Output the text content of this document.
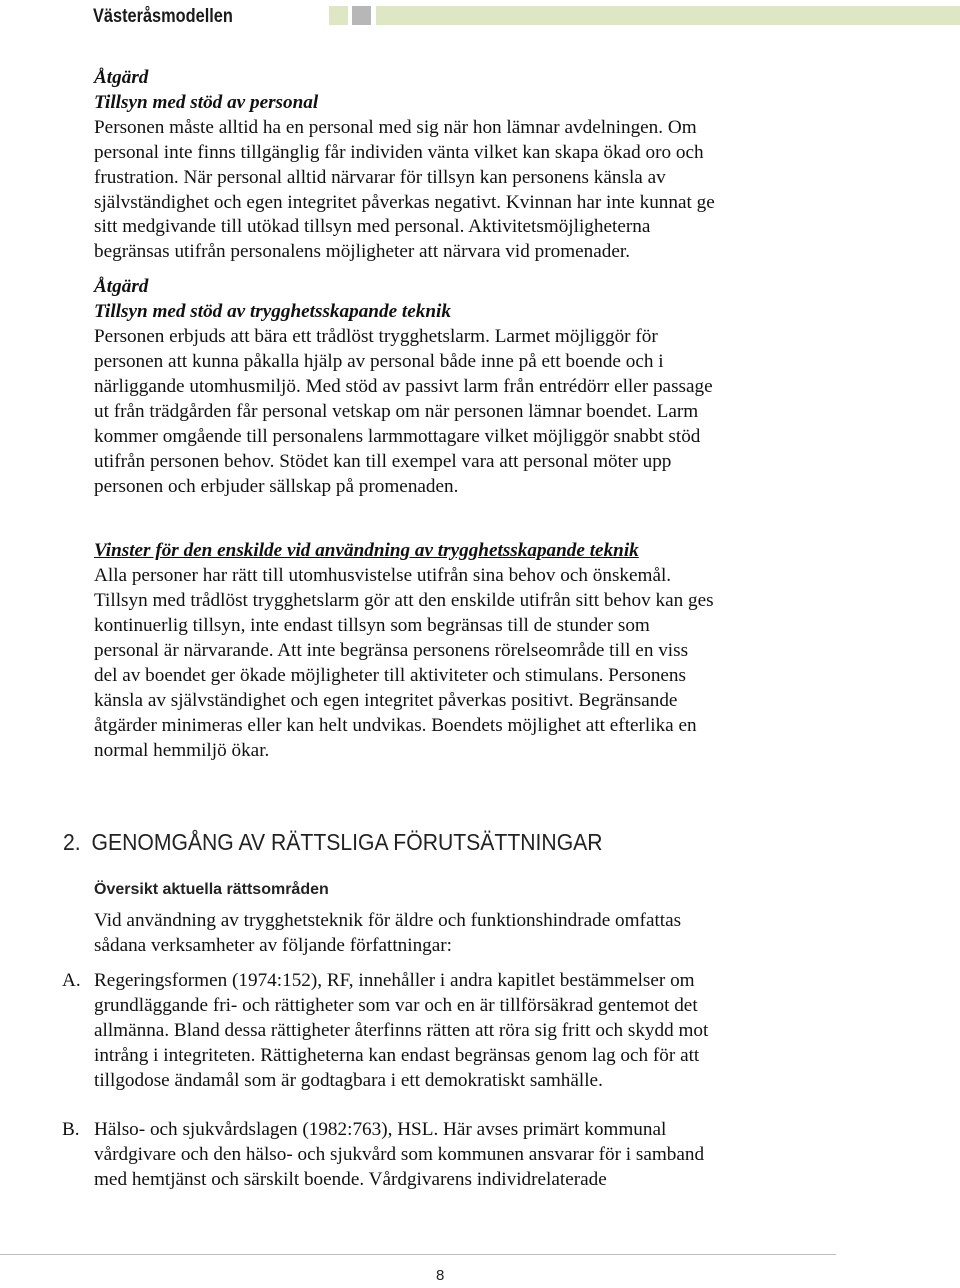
Västeråsmodellen

Åtgärd

Tillsyn med stöd av personal

Personen måste alltid ha en personal med sig när hon lämnar avdelningen. Om

personal inte finns tillgänglig får individen vänta vilket kan skapa ökad oro och

frustration. När personal alltid närvarar för tillsyn kan personens känsla av

självständighet och egen integritet påverkas negativt. Kvinnan har inte kunnat ge

sitt medgivande till utökad tillsyn med personal. Aktivitetsmöjligheterna

begränsas utifrån personalens möjligheter att närvara vid promenader.

Åtgärd

Tillsyn med stöd av trygghetsskapande teknik

Personen erbjuds att bära ett trådlöst trygghetslarm. Larmet möjliggör för

personen att kunna påkalla hjälp av personal både inne på ett boende och i

närliggande utomhusmiljö. Med stöd av passivt larm från entrédörr eller passage

ut från trädgården får personal vetskap om när personen lämnar boendet. Larm

kommer omgående till personalens larmmottagare vilket möjliggör snabbt stöd

utifrån personen behov. Stödet kan till exempel vara att personal möter upp

personen och erbjuder sällskap på promenaden.

Vinster för den enskilde vid användning av trygghetsskapande teknik

Alla personer har rätt till utomhusvistelse utifrån sina behov och önskemål.

Tillsyn med trådlöst trygghetslarm gör att den enskilde utifrån sitt behov kan ges

kontinuerlig tillsyn, inte endast tillsyn som begränsas till de stunder som

personal är närvarande. Att inte begränsa personens rörelseområde till en viss

del av boendet ger ökade möjligheter till aktiviteter och stimulans. Personens

känsla av självständighet och egen integritet påverkas positivt. Begränsande

åtgärder minimeras eller kan helt undvikas. Boendets möjlighet att efterlika en

normal hemmiljö ökar.

2. GENOMGÅNG AV RÄTTSLIGA FÖRUTSÄTTNINGAR
Översikt aktuella rättsområden

Vid användning av trygghetsteknik för äldre och funktionshindrade omfattas

sådana verksamheter av följande författningar:

A. Regeringsformen (1974:152), RF, innehåller i andra kapitlet bestämmelser om

grundläggande fri- och rättigheter som var och en är tillförsäkrad gentemot det

allmänna. Bland dessa rättigheter återfinns rätten att röra sig fritt och skydd mot

intrång i integriteten. Rättigheterna kan endast begränsas genom lag och för att

tillgodose ändamål som är godtagbara i ett demokratiskt samhälle.

B. Hälso- och sjukvårdslagen (1982:763), HSL. Här avses primärt kommunal

vårdgivare och den hälso- och sjukvård som kommunen ansvarar för i samband

med hemtjänst och särskilt boende. Vårdgivarens individrelaterade

8
